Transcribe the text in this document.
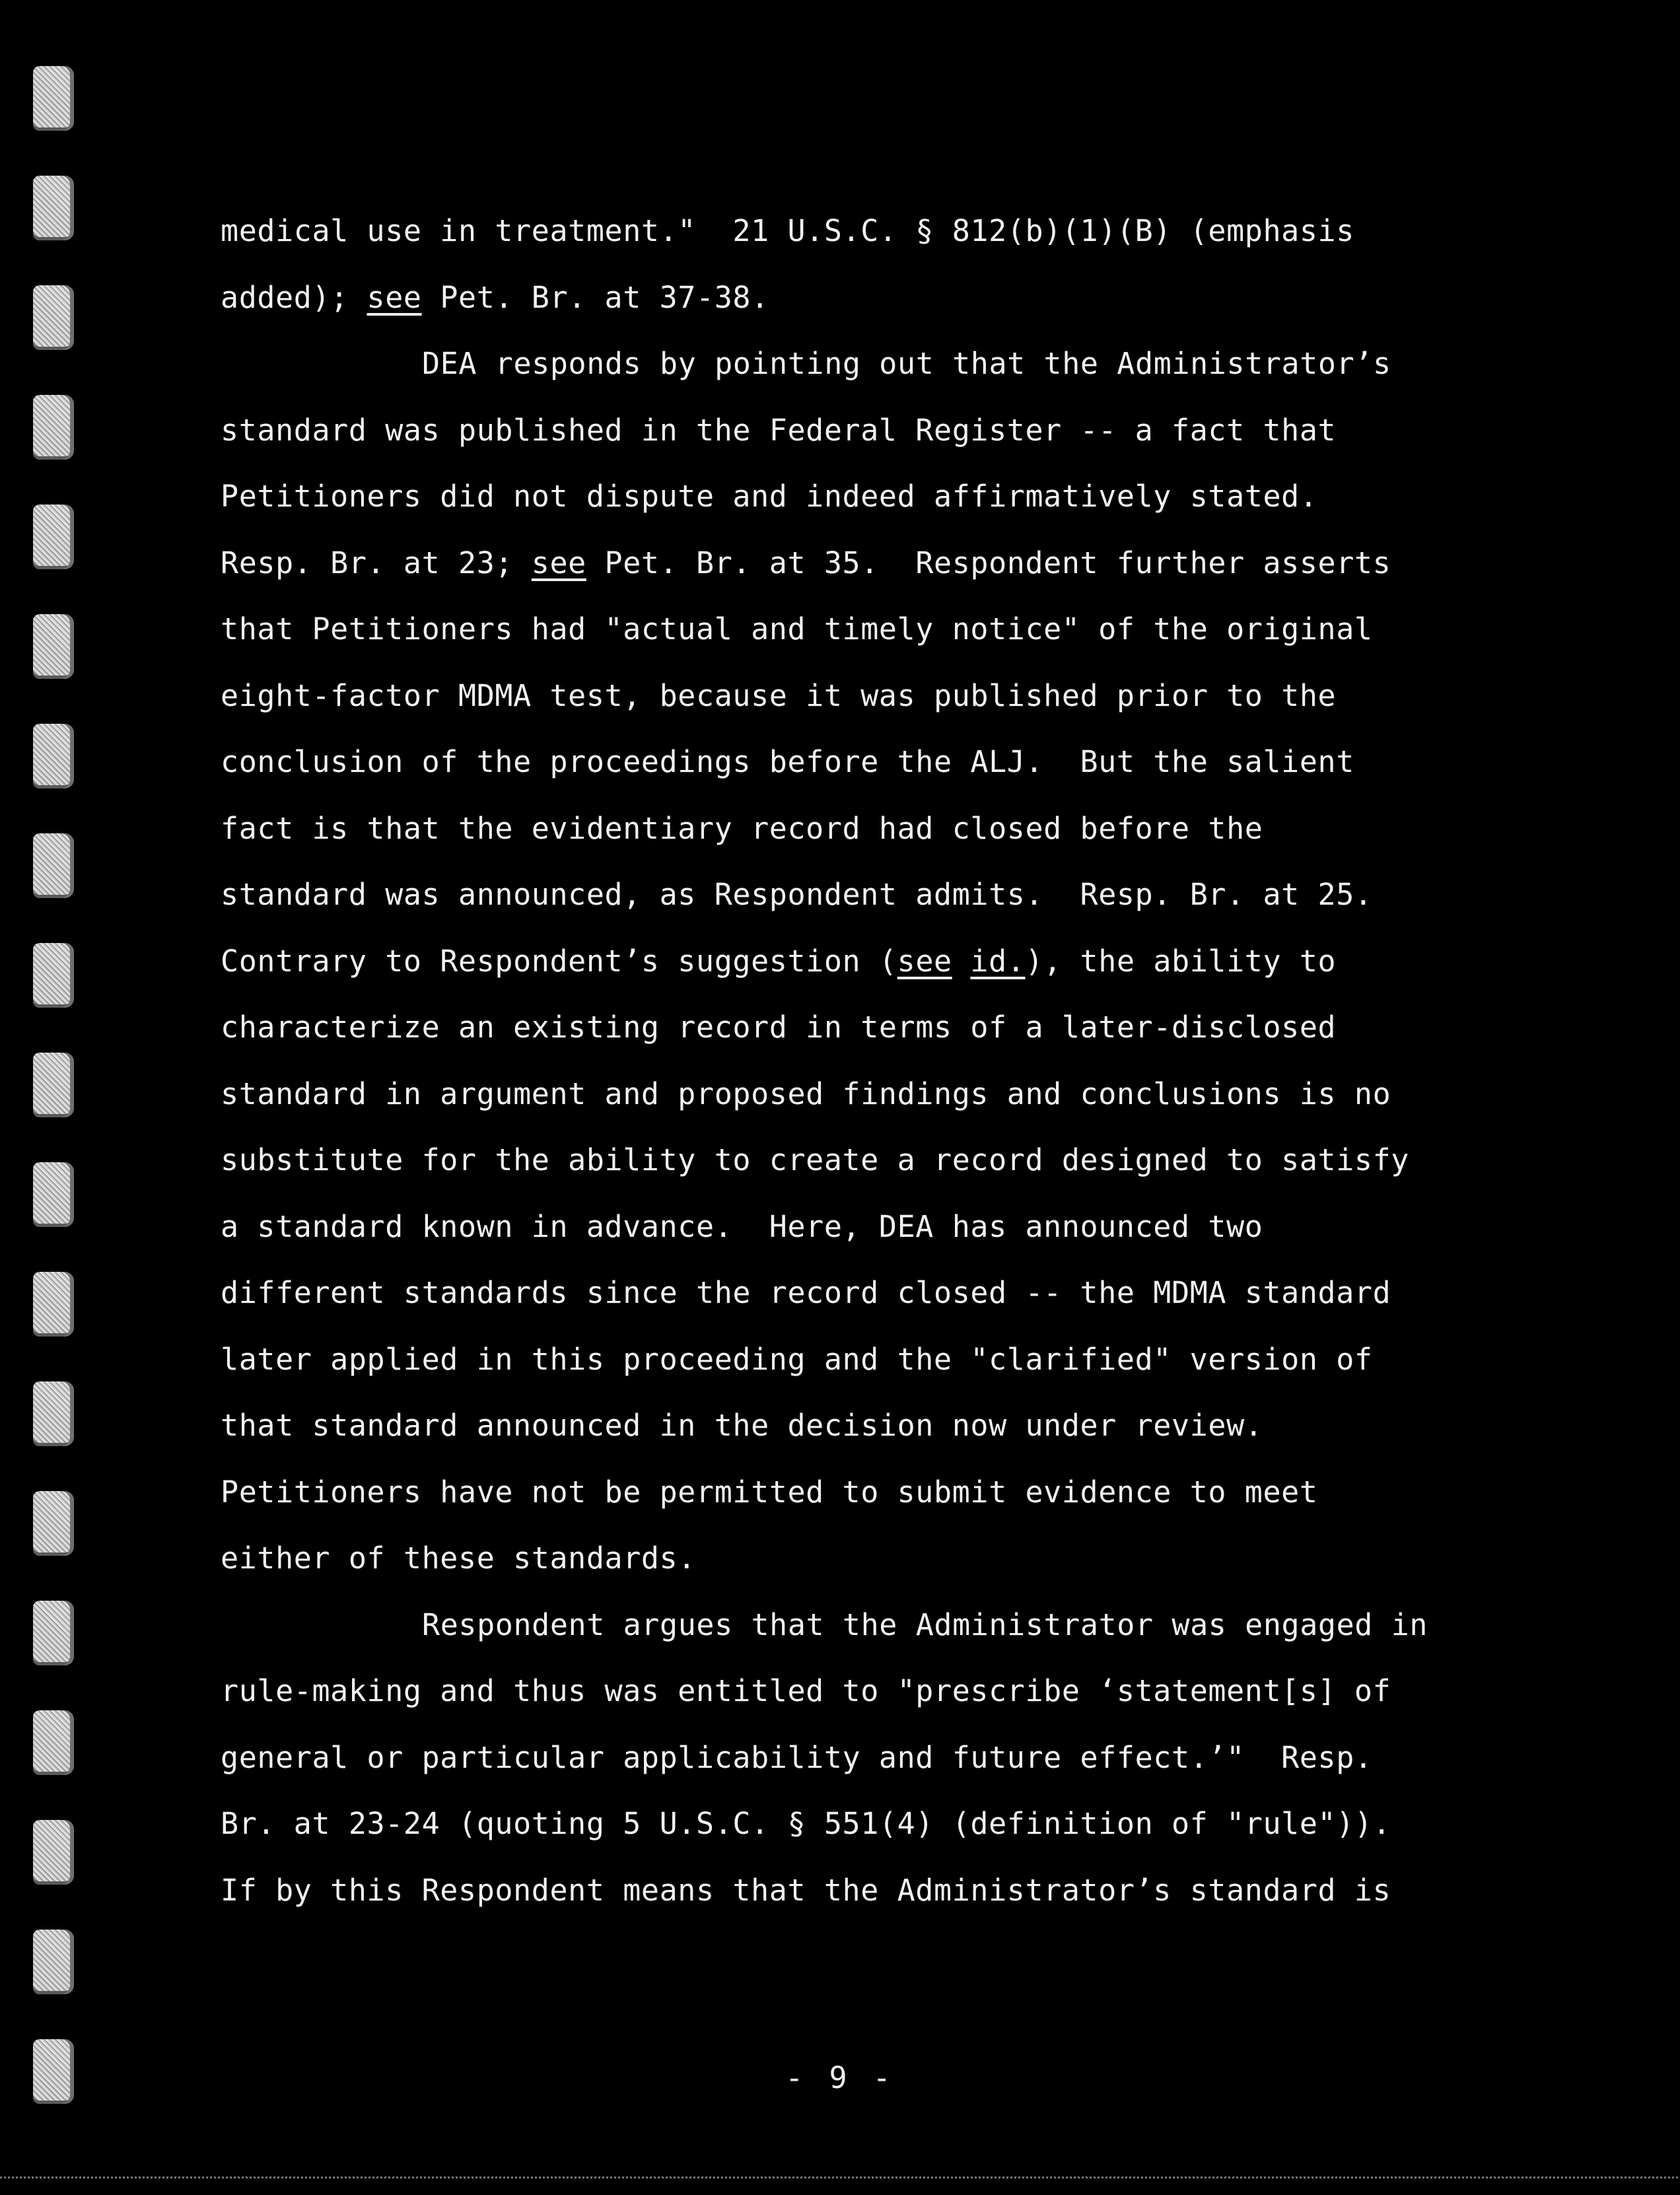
medical use in treatment."  21 U.S.C. § 812(b)(1)(B) (emphasis
added); see Pet. Br. at 37-38.
DEA responds by pointing out that the Administrator’s
standard was published in the Federal Register -- a fact that
Petitioners did not dispute and indeed affirmatively stated.
Resp. Br. at 23; see Pet. Br. at 35.  Respondent further asserts
that Petitioners had "actual and timely notice" of the original
eight-factor MDMA test, because it was published prior to the
conclusion of the proceedings before the ALJ.  But the salient
fact is that the evidentiary record had closed before the
standard was announced, as Respondent admits.  Resp. Br. at 25.
Contrary to Respondent’s suggestion (see id.), the ability to
characterize an existing record in terms of a later-disclosed
standard in argument and proposed findings and conclusions is no
substitute for the ability to create a record designed to satisfy
a standard known in advance.  Here, DEA has announced two
different standards since the record closed -- the MDMA standard
later applied in this proceeding and the "clarified" version of
that standard announced in the decision now under review.
Petitioners have not be permitted to submit evidence to meet
either of these standards.
Respondent argues that the Administrator was engaged in
rule-making and thus was entitled to "prescribe ‘statement[s] of
general or particular applicability and future effect.’"  Resp.
Br. at 23-24 (quoting 5 U.S.C. § 551(4) (definition of "rule")).
If by this Respondent means that the Administrator’s standard is
- 9 -
